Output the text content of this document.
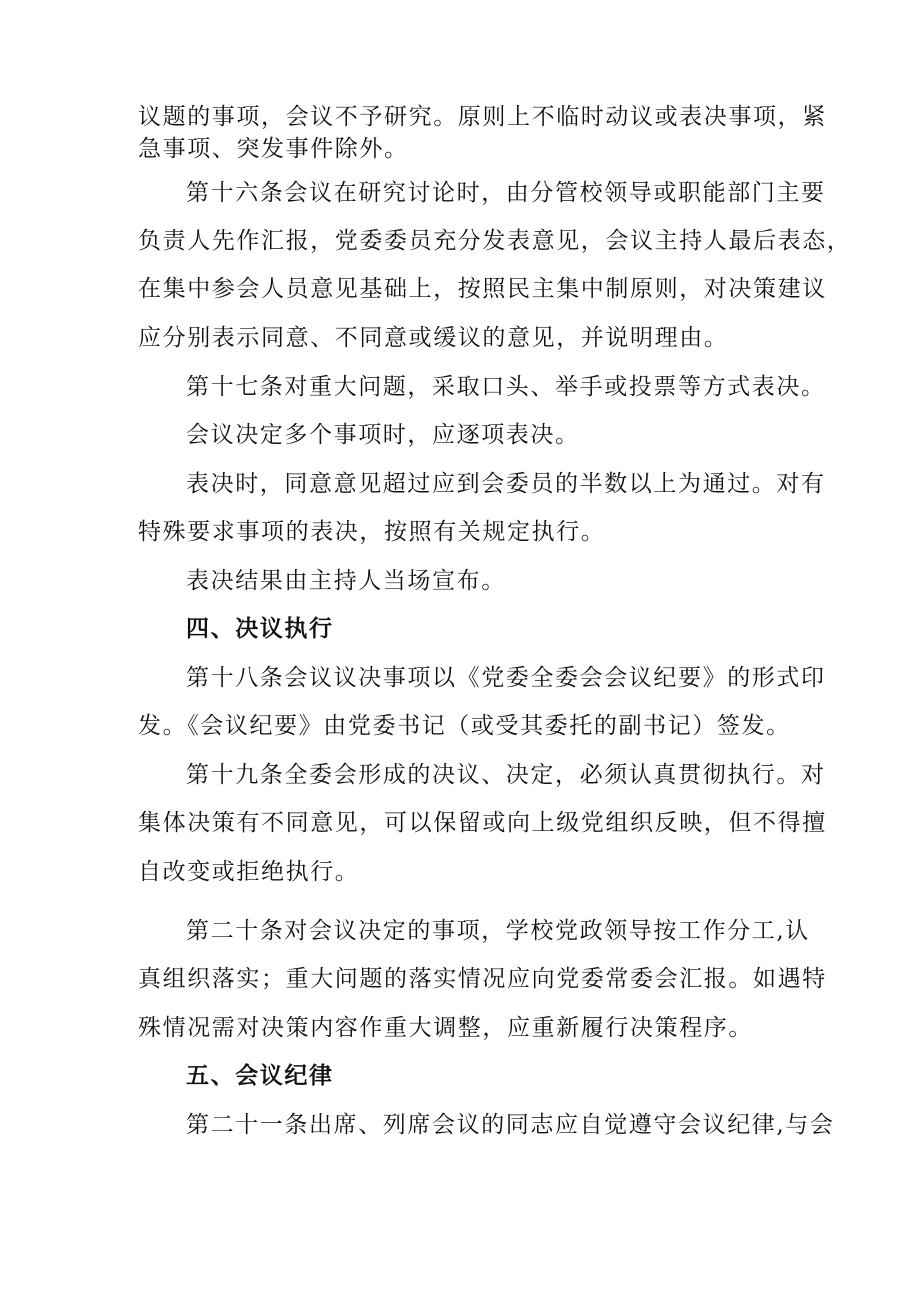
议题的事项，会议不予研究。原则上不临时动议或表决事项，紧
急事项、突发事件除外。
第十六条会议在研究讨论时，由分管校领导或职能部门主要
负责人先作汇报，党委委员充分发表意见，会议主持人最后表态，
在集中参会人员意见基础上，按照民主集中制原则，对决策建议
应分别表示同意、不同意或缓议的意见，并说明理由。
第十七条对重大问题，采取口头、举手或投票等方式表决。
会议决定多个事项时，应逐项表决。
表决时，同意意见超过应到会委员的半数以上为通过。对有
特殊要求事项的表决，按照有关规定执行。
表决结果由主持人当场宣布。
四、决议执行
第十八条会议议决事项以《党委全委会会议纪要》的形式印
发。《会议纪要》由党委书记（或受其委托的副书记）签发。
第十九条全委会形成的决议、决定，必须认真贯彻执行。对
集体决策有不同意见，可以保留或向上级党组织反映，但不得擅
自改变或拒绝执行。
第二十条对会议决定的事项，学校党政领导按工作分工,认
真组织落实；重大问题的落实情况应向党委常委会汇报。如遇特
殊情况需对决策内容作重大调整，应重新履行决策程序。
五、会议纪律
第二十一条出席、列席会议的同志应自觉遵守会议纪律,与会
